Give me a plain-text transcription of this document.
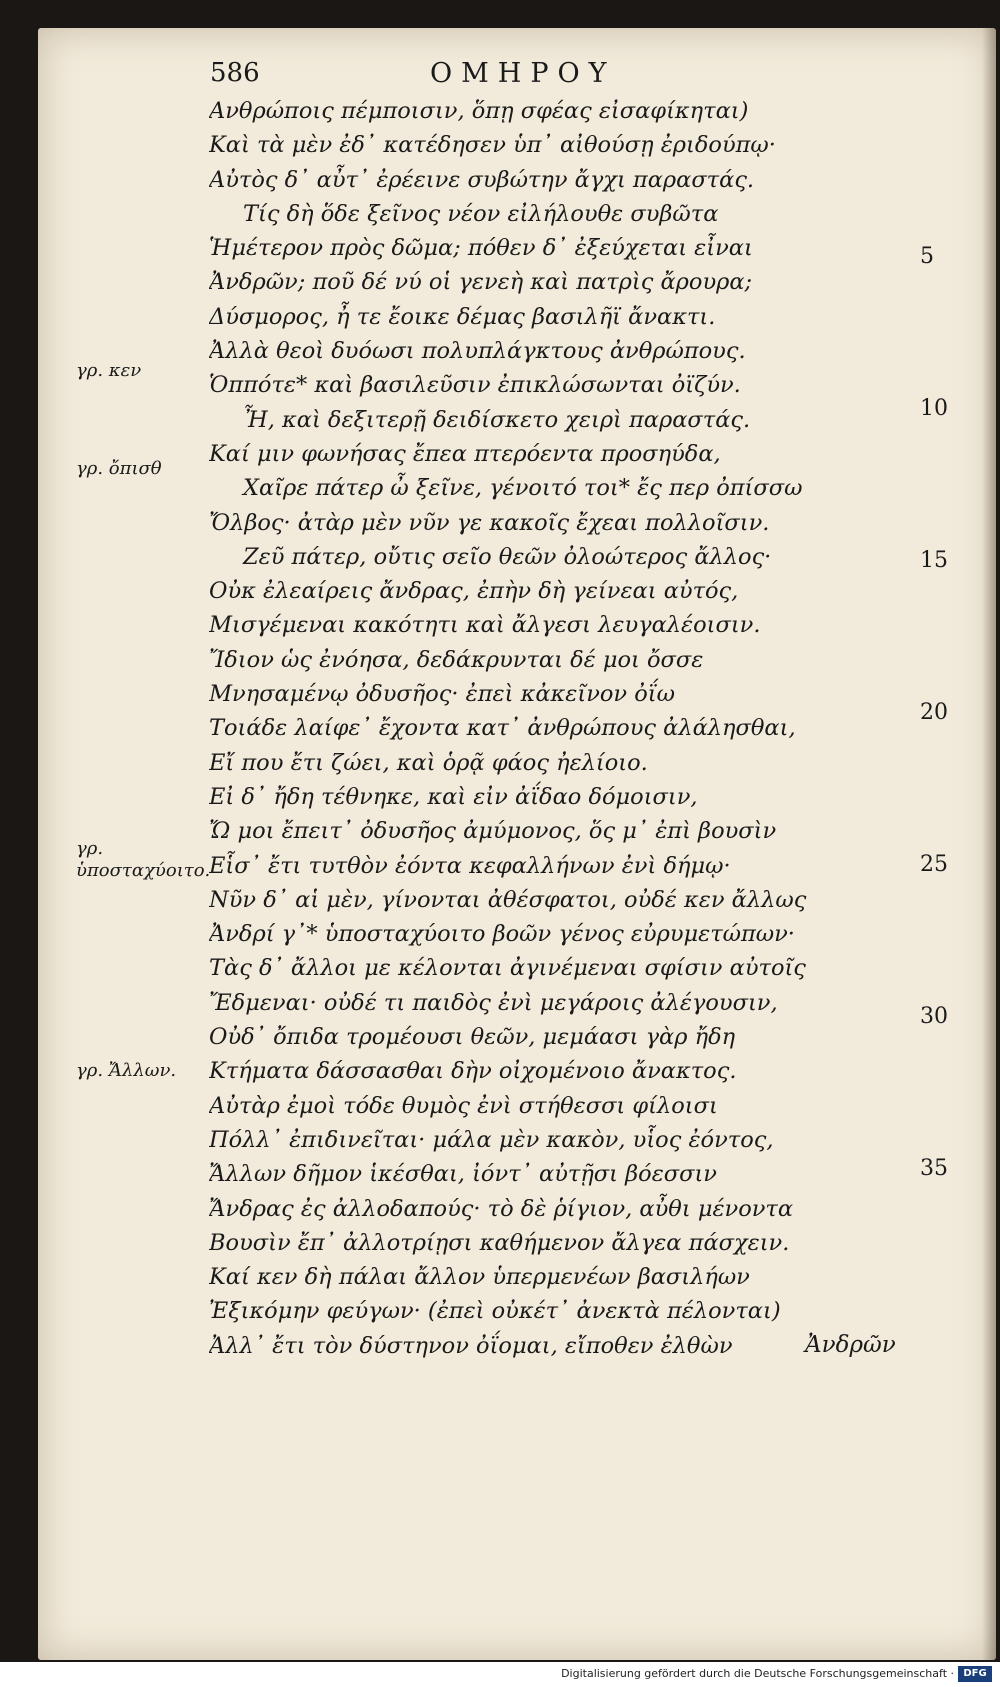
586	ΟΜΗΡΟΥ
Ανθρώποις πέμποισιν, ὅπῃ σφέας εἰσαφίκηται)
Καὶ τὰ μὲν ἐδ᾽ κατέδησεν ὑπ᾽ αἰθούσῃ ἐριδούπῳ·
Αὐτὸς δ᾽ αὖτ᾽ ἐρέεινε συβώτην ἄγχι παραστάς.
Τίς δὴ ὅδε ξεῖνος νέον εἰλήλουθε συβῶτα
Ἡμέτερον πρὸς δῶμα; πόθεν δ᾽ ἐξεύχεται εἶναι
Ἀνδρῶν; ποῦ δέ νύ οἱ γενεὴ καὶ πατρὶς ἄρουρα;
Δύσμορος, ἦ τε ἔοικε δέμας βασιλῆϊ ἄνακτι.
Ἀλλὰ θεοὶ δυόωσι πολυπλάγκτους ἀνθρώπους.
Ὁππότε* καὶ βασιλεῦσιν ἐπικλώσωνται ὀϊζύν.
Ἦ, καὶ δεξιτερῇ δειδίσκετο χειρὶ παραστάς.
Καί μιν φωνήσας ἔπεα πτερόεντα προσηύδα,
Χαῖρε πάτερ ὦ ξεῖνε, γένοιτό τοι* ἔς περ ὀπίσσω
Ὄλβος· ἀτὰρ μὲν νῦν γε κακοῖς ἔχεαι πολλοῖσιν.
Ζεῦ πάτερ, οὔτις σεῖο θεῶν ὀλοώτερος ἄλλος·
Οὐκ ἐλεαίρεις ἄνδρας, ἐπὴν δὴ γείνεαι αὐτός,
Μισγέμεναι κακότητι καὶ ἄλγεσι λευγαλέοισιν.
Ἴδιον ὡς ἐνόησα, δεδάκρυνται δέ μοι ὄσσε
Μνησαμένῳ ὀδυσῆος· ἐπεὶ κἀκεῖνον ὀΐω
Τοιάδε λαίφε᾽ ἔχοντα κατ᾽ ἀνθρώπους ἀλάλησθαι,
Εἴ που ἔτι ζώει, καὶ ὁρᾷ φάος ἠελίοιο.
Εἰ δ᾽ ἤδη τέθνηκε, καὶ εἰν ἀΐδαο δόμοισιν,
Ὤ μοι ἔπειτ᾽ ὀδυσῆος ἀμύμονος, ὅς μ᾽ ἐπὶ βουσὶν
Εἷσ᾽ ἔτι τυτθὸν ἐόντα κεφαλλήνων ἐνὶ δήμῳ·
Νῦν δ᾽ αἱ μὲν, γίνονται ἀθέσφατοι, οὐδέ κεν ἄλλως
Ἀνδρί γ᾽* ὑποσταχύοιτο βοῶν γένος εὐρυμετώπων·
Τὰς δ᾽ ἄλλοι με κέλονται ἀγινέμεναι σφίσιν αὐτοῖς
Ἔδμεναι· οὐδέ τι παιδὸς ἐνὶ μεγάροις ἀλέγουσιν,
Οὐδ᾽ ὄπιδα τρομέουσι θεῶν, μεμάασι γὰρ ἤδη
Κτήματα δάσσασθαι δὴν οἰχομένοιο ἄνακτος.
Αὐτὰρ ἐμοὶ τόδε θυμὸς ἐνὶ στήθεσσι φίλοισι
Πόλλ᾽ ἐπιδινεῖται· μάλα μὲν κακὸν, υἷος ἐόντος,
Ἄλλων δῆμον ἱκέσθαι, ἰόντ᾽ αὐτῇσι βόεσσιν
Ἄνδρας ἐς ἀλλοδαπούς· τὸ δὲ ῥίγιον, αὖθι μένοντα
Βουσὶν ἔπ᾽ ἀλλοτρίῃσι καθήμενον ἄλγεα πάσχειν.
Καί κεν δὴ πάλαι ἄλλον ὑπερμενέων βασιλήων
Ἐξικόμην φεύγων· (ἐπεὶ οὐκέτ᾽ ἀνεκτὰ πέλονται)
Ἀλλ᾽ ἔτι τὸν δύστηνον ὀΐομαι, εἴποθεν ἐλθὼν
5
10
15
20
25
30
35
γρ. κεν
γρ. ὄπισθ
γρ. ὑποσταχύοιτο.
γρ. Ἄλλων.
Ἀνδρῶν
Digitalisierung gefördert durch die Deutsche Forschungsgemeinschaft · DFG
